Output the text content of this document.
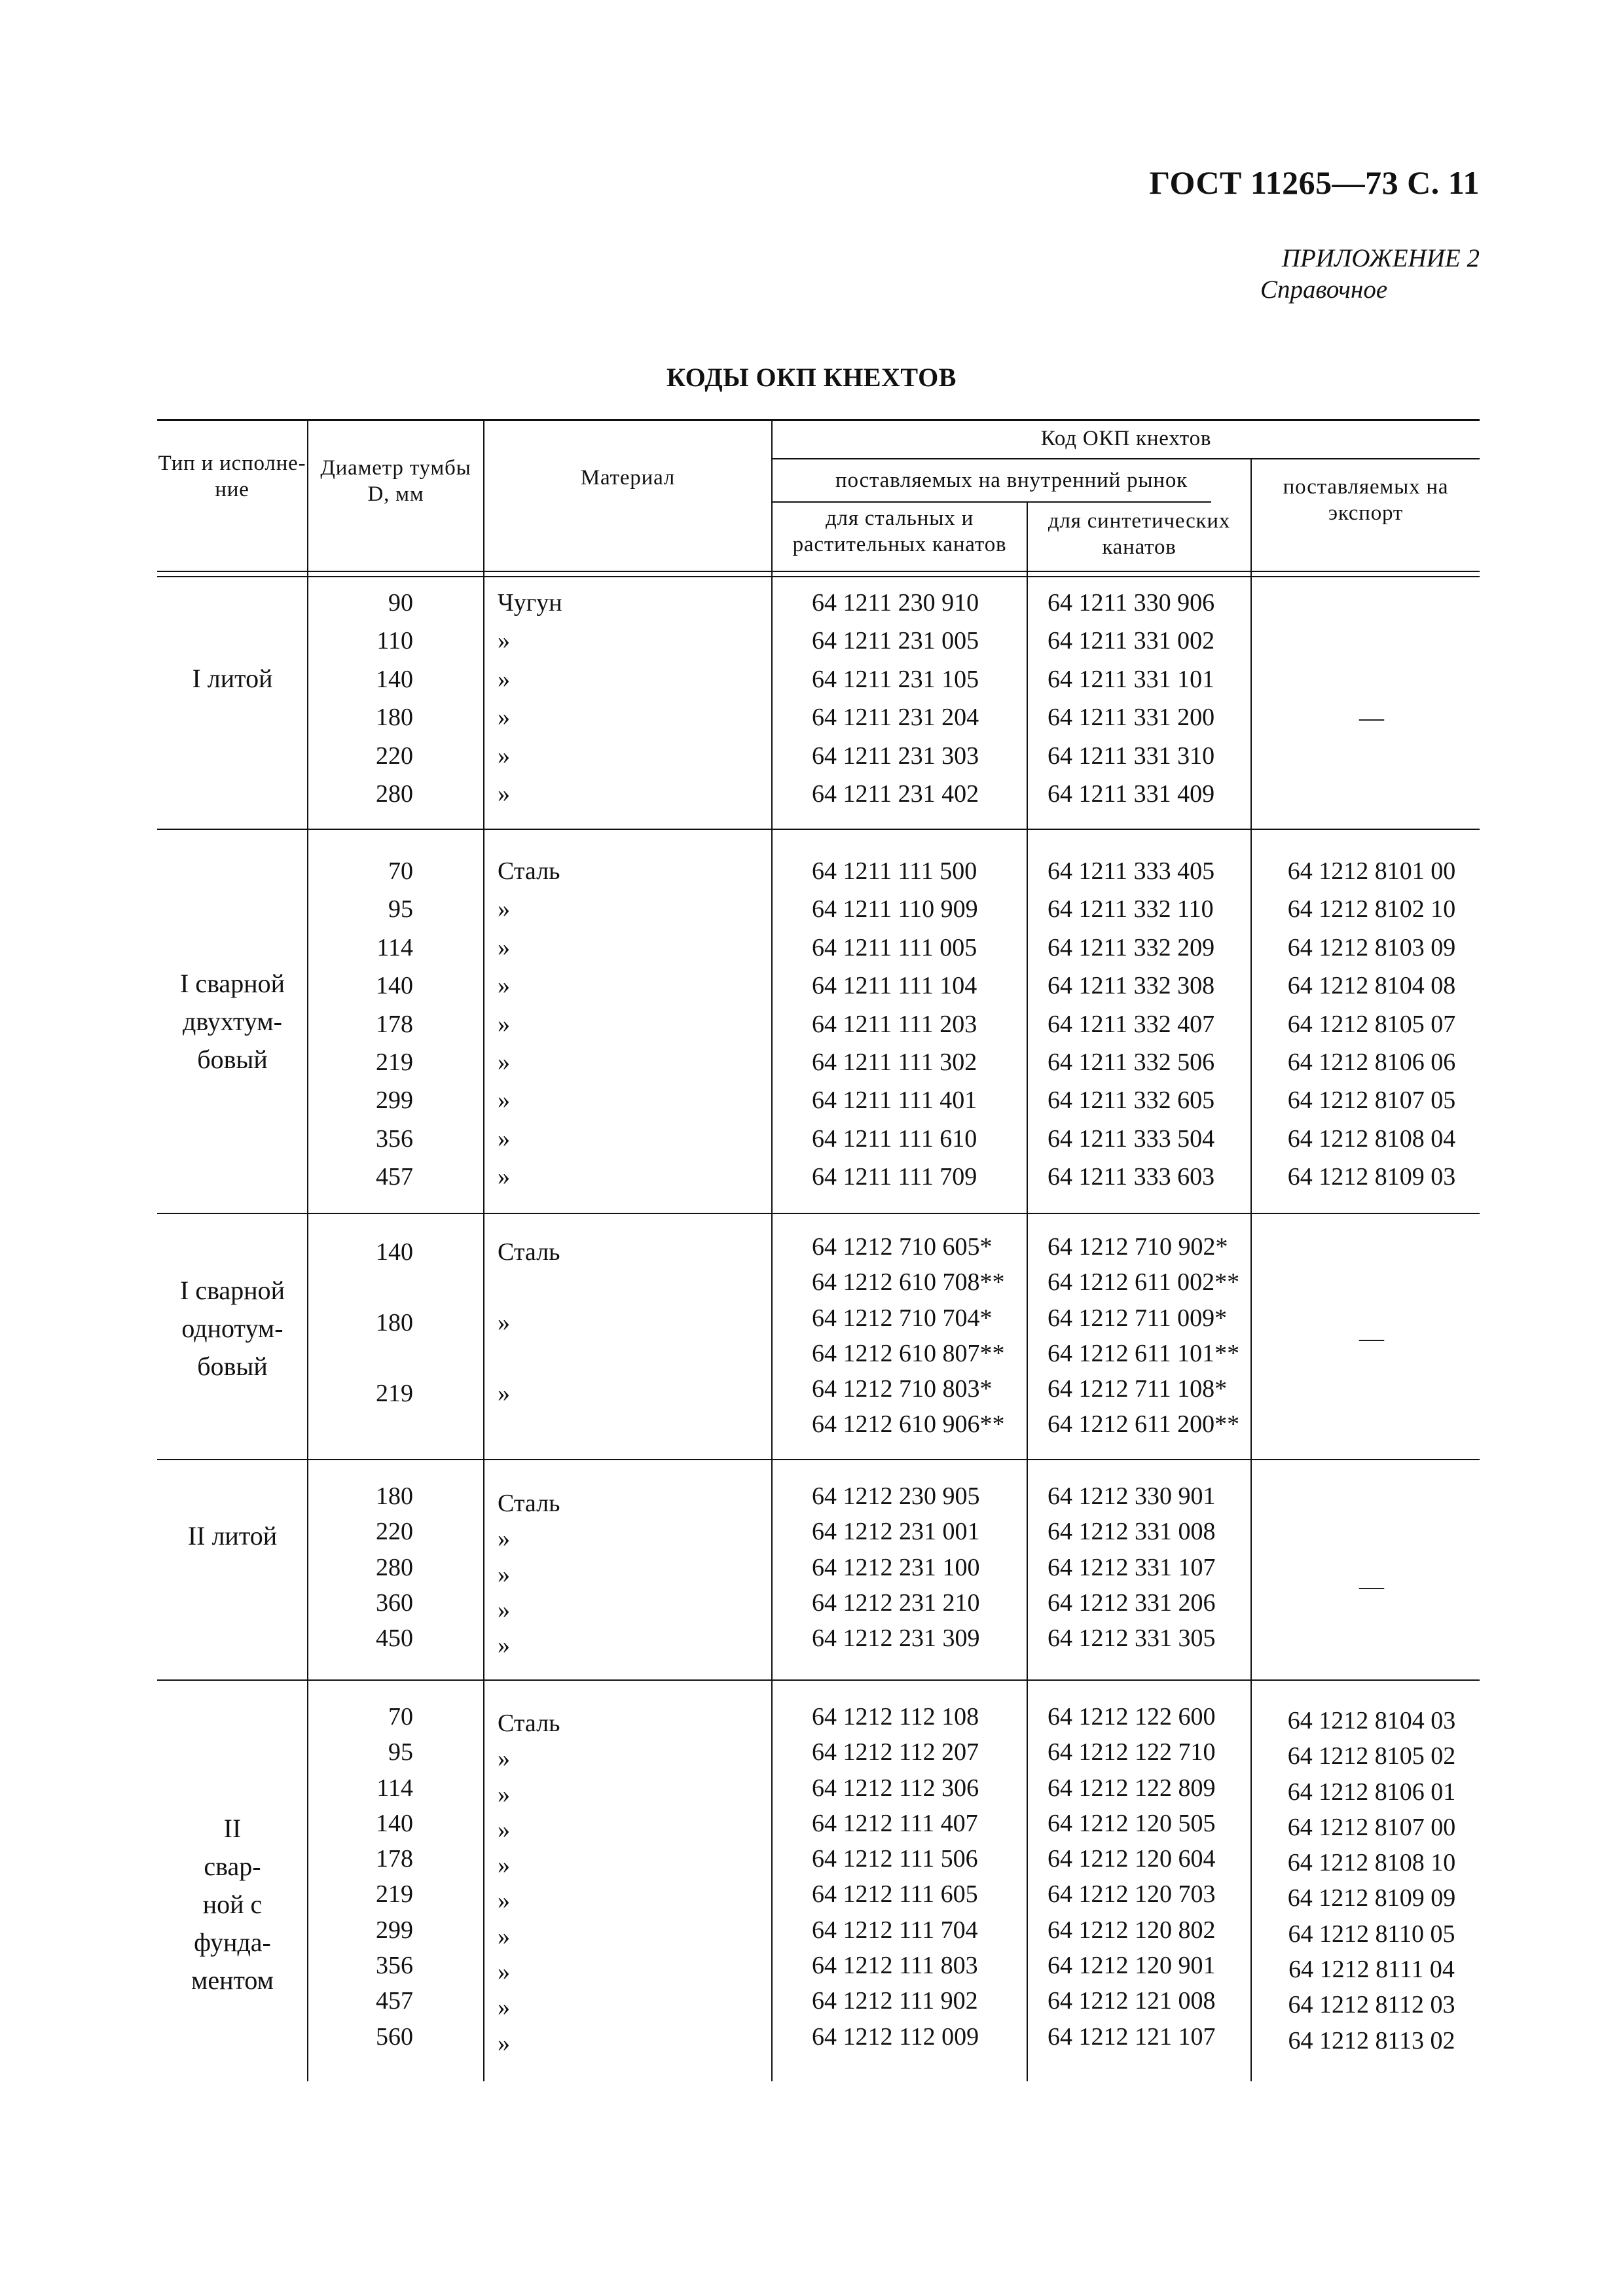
ГОСТ 11265—73 С. 11
ПРИЛОЖЕНИЕ 2
Справочное
КОДЫ ОКП КНЕХТОВ
Тип и исполне-ние
Диаметр тумбы D, мм
Материал
Код ОКП кнехтов
поставляемых на внутренний рынок
для стальных и растительных канатов
для синтетических канатов
поставляемых на экспорт
I литой
90
110
140
180
220
280
Чугун
»
»
»
»
»
64 1211 230 910
64 1211 231 005
64 1211 231 105
64 1211 231 204
64 1211 231 303
64 1211 231 402
64 1211 330 906
64 1211 331 002
64 1211 331 101
64 1211 331 200
64 1211 331 310
64 1211 331 409
—
I сварной
двухтум-
бовый
70
95
114
140
178
219
299
356
457
Сталь
»
»
»
»
»
»
»
»
64 1211 111 500
64 1211 110 909
64 1211 111 005
64 1211 111 104
64 1211 111 203
64 1211 111 302
64 1211 111 401
64 1211 111 610
64 1211 111 709
64 1211 333 405
64 1211 332 110
64 1211 332 209
64 1211 332 308
64 1211 332 407
64 1211 332 506
64 1211 332 605
64 1211 333 504
64 1211 333 603
64 1212 8101 00
64 1212 8102 10
64 1212 8103 09
64 1212 8104 08
64 1212 8105 07
64 1212 8106 06
64 1212 8107 05
64 1212 8108 04
64 1212 8109 03
I сварной
однотум-
бовый
140
180
219
Сталь
»
»
64 1212 710 605*
64 1212 610 708**
64 1212 710 704*
64 1212 610 807**
64 1212 710 803*
64 1212 610 906**
64 1212 710 902*
64 1212 611 002**
64 1212 711 009*
64 1212 611 101**
64 1212 711 108*
64 1212 611 200**
—
II литой
180
220
280
360
450
Сталь
»
»
»
»
64 1212 230 905
64 1212 231 001
64 1212 231 100
64 1212 231 210
64 1212 231 309
64 1212 330 901
64 1212 331 008
64 1212 331 107
64 1212 331 206
64 1212 331 305
—
II
свар-
ной с
фунда-
ментом
70
95
114
140
178
219
299
356
457
560
Сталь
»
»
»
»
»
»
»
»
»
64 1212 112 108
64 1212 112 207
64 1212 112 306
64 1212 111 407
64 1212 111 506
64 1212 111 605
64 1212 111 704
64 1212 111 803
64 1212 111 902
64 1212 112 009
64 1212 122 600
64 1212 122 710
64 1212 122 809
64 1212 120 505
64 1212 120 604
64 1212 120 703
64 1212 120 802
64 1212 120 901
64 1212 121 008
64 1212 121 107
64 1212 8104 03
64 1212 8105 02
64 1212 8106 01
64 1212 8107 00
64 1212 8108 10
64 1212 8109 09
64 1212 8110 05
64 1212 8111 04
64 1212 8112 03
64 1212 8113 02
